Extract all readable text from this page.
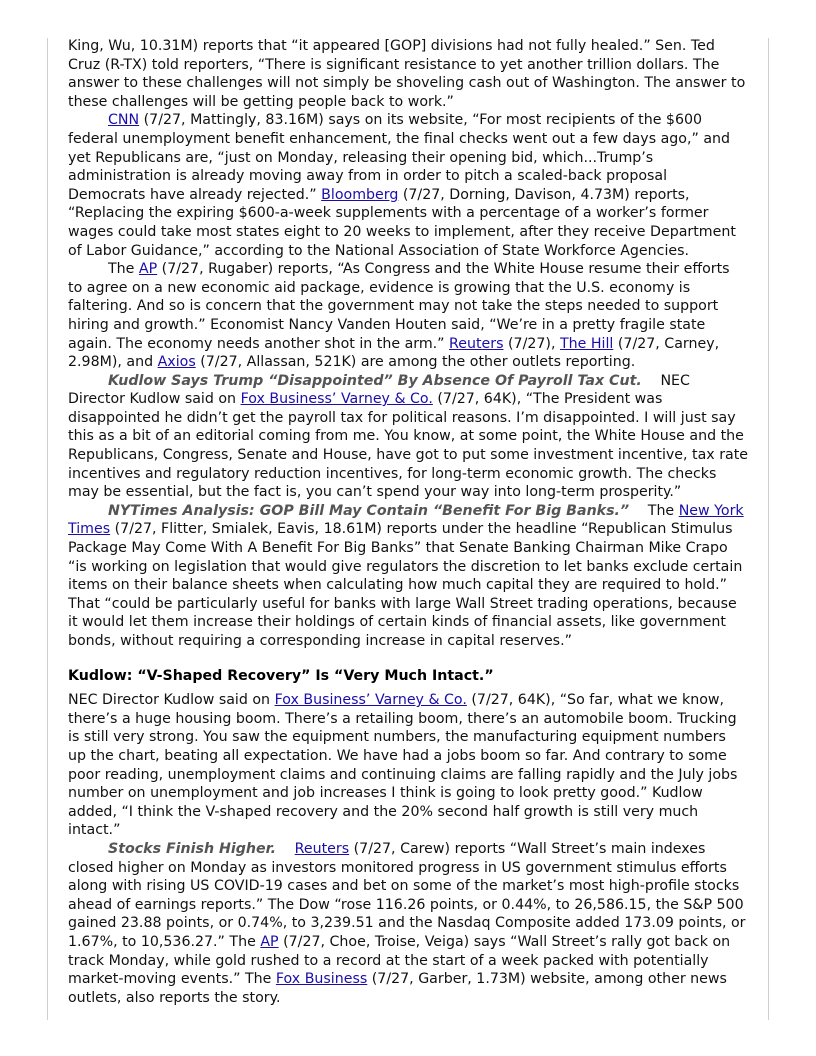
King, Wu, 10.31M) reports that “it appeared [GOP] divisions had not fully healed.” Sen. Ted Cruz (R-TX) told reporters, “There is significant resistance to yet another trillion dollars. The answer to these challenges will not simply be shoveling cash out of Washington. The answer to these challenges will be getting people back to work.”

CNN (7/27, Mattingly, 83.16M) says on its website, “For most recipients of the $600 federal unemployment benefit enhancement, the final checks went out a few days ago,” and yet Republicans are, “just on Monday, releasing their opening bid, which...Trump’s administration is already moving away from in order to pitch a scaled-back proposal Democrats have already rejected.” Bloomberg (7/27, Dorning, Davison, 4.73M) reports, “Replacing the expiring $600-a-week supplements with a percentage of a worker’s former wages could take most states eight to 20 weeks to implement, after they receive Department of Labor Guidance,” according to the National Association of State Workforce Agencies.

The AP (7/27, Rugaber) reports, “As Congress and the White House resume their efforts to agree on a new economic aid package, evidence is growing that the U.S. economy is faltering. And so is concern that the government may not take the steps needed to support hiring and growth.” Economist Nancy Vanden Houten said, “We’re in a pretty fragile state again. The economy needs another shot in the arm.” Reuters (7/27), The Hill (7/27, Carney, 2.98M), and Axios (7/27, Allassan, 521K) are among the other outlets reporting.

Kudlow Says Trump “Disappointed” By Absence Of Payroll Tax Cut.  NEC Director Kudlow said on Fox Business’ Varney & Co. (7/27, 64K), “The President was disappointed he didn’t get the payroll tax for political reasons. I’m disappointed. I will just say this as a bit of an editorial coming from me. You know, at some point, the White House and the Republicans, Congress, Senate and House, have got to put some investment incentive, tax rate incentives and regulatory reduction incentives, for long-term economic growth. The checks may be essential, but the fact is, you can’t spend your way into long-term prosperity.”

NYTimes Analysis: GOP Bill May Contain “Benefit For Big Banks.”  The New York Times (7/27, Flitter, Smialek, Eavis, 18.61M) reports under the headline “Republican Stimulus Package May Come With A Benefit For Big Banks” that Senate Banking Chairman Mike Crapo “is working on legislation that would give regulators the discretion to let banks exclude certain items on their balance sheets when calculating how much capital they are required to hold.” That “could be particularly useful for banks with large Wall Street trading operations, because it would let them increase their holdings of certain kinds of financial assets, like government bonds, without requiring a corresponding increase in capital reserves.”

Kudlow: “V-Shaped Recovery” Is “Very Much Intact.”

NEC Director Kudlow said on Fox Business’ Varney & Co. (7/27, 64K), “So far, what we know, there’s a huge housing boom. There’s a retailing boom, there’s an automobile boom. Trucking is still very strong. You saw the equipment numbers, the manufacturing equipment numbers up the chart, beating all expectation. We have had a jobs boom so far. And contrary to some poor reading, unemployment claims and continuing claims are falling rapidly and the July jobs number on unemployment and job increases I think is going to look pretty good.” Kudlow added, “I think the V-shaped recovery and the 20% second half growth is still very much intact.”

Stocks Finish Higher.  Reuters (7/27, Carew) reports “Wall Street’s main indexes closed higher on Monday as investors monitored progress in US government stimulus efforts along with rising US COVID-19 cases and bet on some of the market’s most high-profile stocks ahead of earnings reports.” The Dow “rose 116.26 points, or 0.44%, to 26,586.15, the S&P 500 gained 23.88 points, or 0.74%, to 3,239.51 and the Nasdaq Composite added 173.09 points, or 1.67%, to 10,536.27.” The AP (7/27, Choe, Troise, Veiga) says “Wall Street’s rally got back on track Monday, while gold rushed to a record at the start of a week packed with potentially market-moving events.” The Fox Business (7/27, Garber, 1.73M) website, among other news outlets, also reports the story.
